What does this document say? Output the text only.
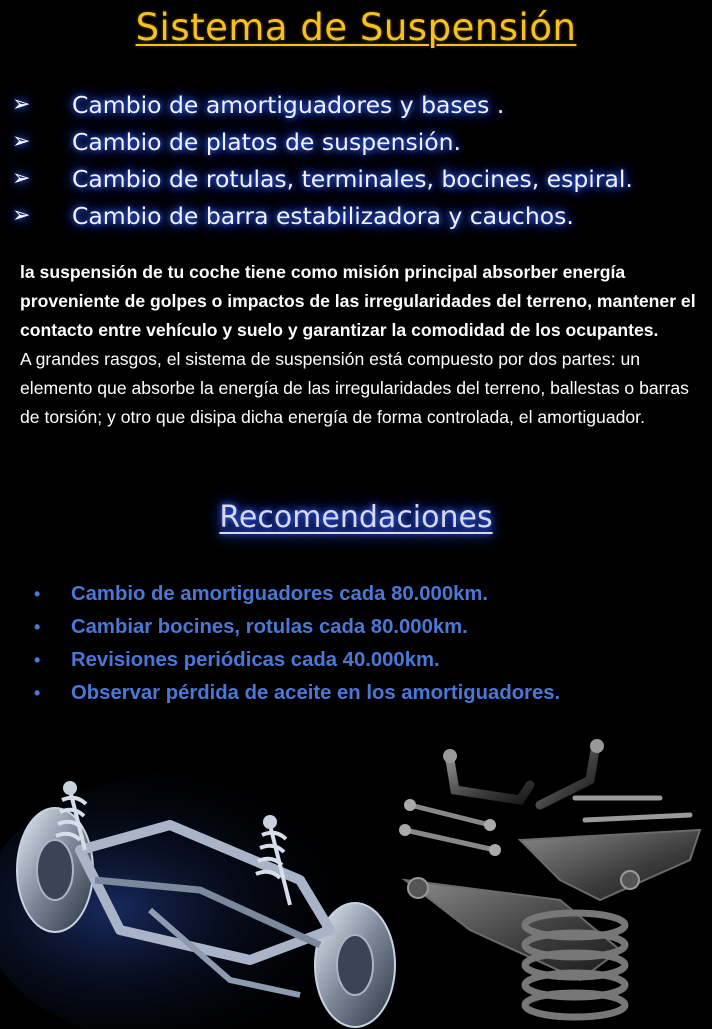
Sistema de Suspensión
➢	Cambio de amortiguadores y bases .
➢	Cambio de platos de suspensión.
➢	Cambio de rotulas, terminales, bocines, espiral.
➢	Cambio de barra estabilizadora y cauchos.

la suspensión de tu coche tiene como misión principal absorber energía proveniente de golpes o impactos de las irregularidades del terreno, mantener el contacto entre vehículo y suelo y garantizar la comodidad de los ocupantes.

A grandes rasgos, el sistema de suspensión está compuesto por dos partes: un elemento que absorbe la energía de las irregularidades del terreno, ballestas o barras de torsión; y otro que disipa dicha energía de forma controlada, el amortiguador.

Recomendaciones
•	Cambio de amortiguadores cada 80.000km.
•	Cambiar bocines, rotulas cada 80.000km.
•	Revisiones periódicas cada 40.000km.
•	Observar pérdida de aceite en los amortiguadores.
